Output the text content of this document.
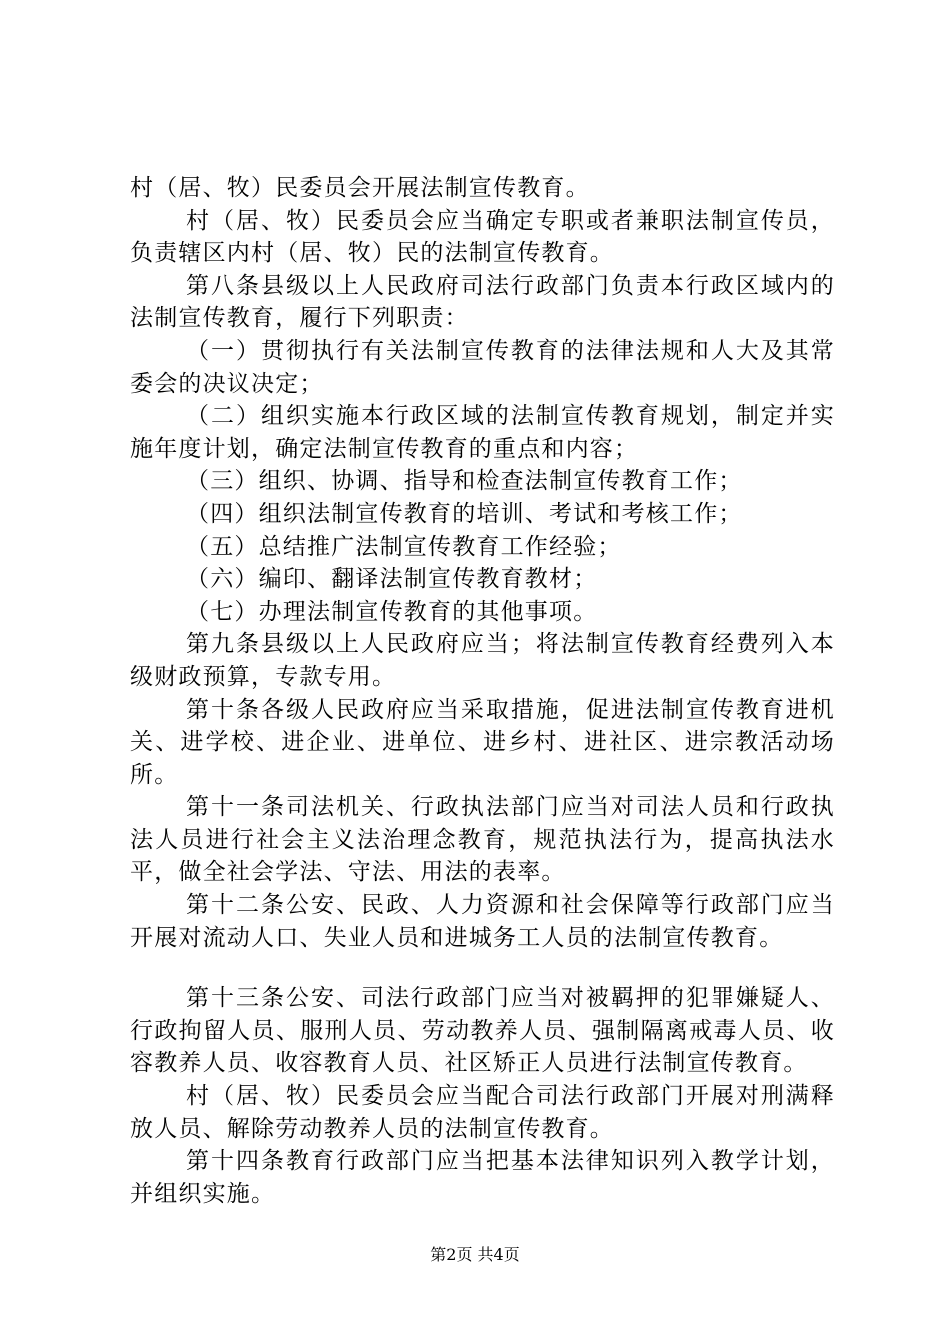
村（居、牧）民委员会开展法制宣传教育。

村（居、牧）民委员会应当确定专职或者兼职法制宣传员，负责辖区内村（居、牧）民的法制宣传教育。

第八条县级以上人民政府司法行政部门负责本行政区域内的法制宣传教育，履行下列职责：

（一）贯彻执行有关法制宣传教育的法律法规和人大及其常委会的决议决定；

（二）组织实施本行政区域的法制宣传教育规划，制定并实施年度计划，确定法制宣传教育的重点和内容；

（三）组织、协调、指导和检查法制宣传教育工作；

（四）组织法制宣传教育的培训、考试和考核工作；

（五）总结推广法制宣传教育工作经验；

（六）编印、翻译法制宣传教育教材；

（七）办理法制宣传教育的其他事项。

第九条县级以上人民政府应当；将法制宣传教育经费列入本级财政预算，专款专用。

第十条各级人民政府应当采取措施，促进法制宣传教育进机关、进学校、进企业、进单位、进乡村、进社区、进宗教活动场所。

第十一条司法机关、行政执法部门应当对司法人员和行政执法人员进行社会主义法治理念教育，规范执法行为，提高执法水平，做全社会学法、守法、用法的表率。

第十二条公安、民政、人力资源和社会保障等行政部门应当开展对流动人口、失业人员和进城务工人员的法制宣传教育。

第十三条公安、司法行政部门应当对被羁押的犯罪嫌疑人、行政拘留人员、服刑人员、劳动教养人员、强制隔离戒毒人员、收容教养人员、收容教育人员、社区矫正人员进行法制宣传教育。

村（居、牧）民委员会应当配合司法行政部门开展对刑满释放人员、解除劳动教养人员的法制宣传教育。

第十四条教育行政部门应当把基本法律知识列入教学计划，并组织实施。

第2页 共4页
